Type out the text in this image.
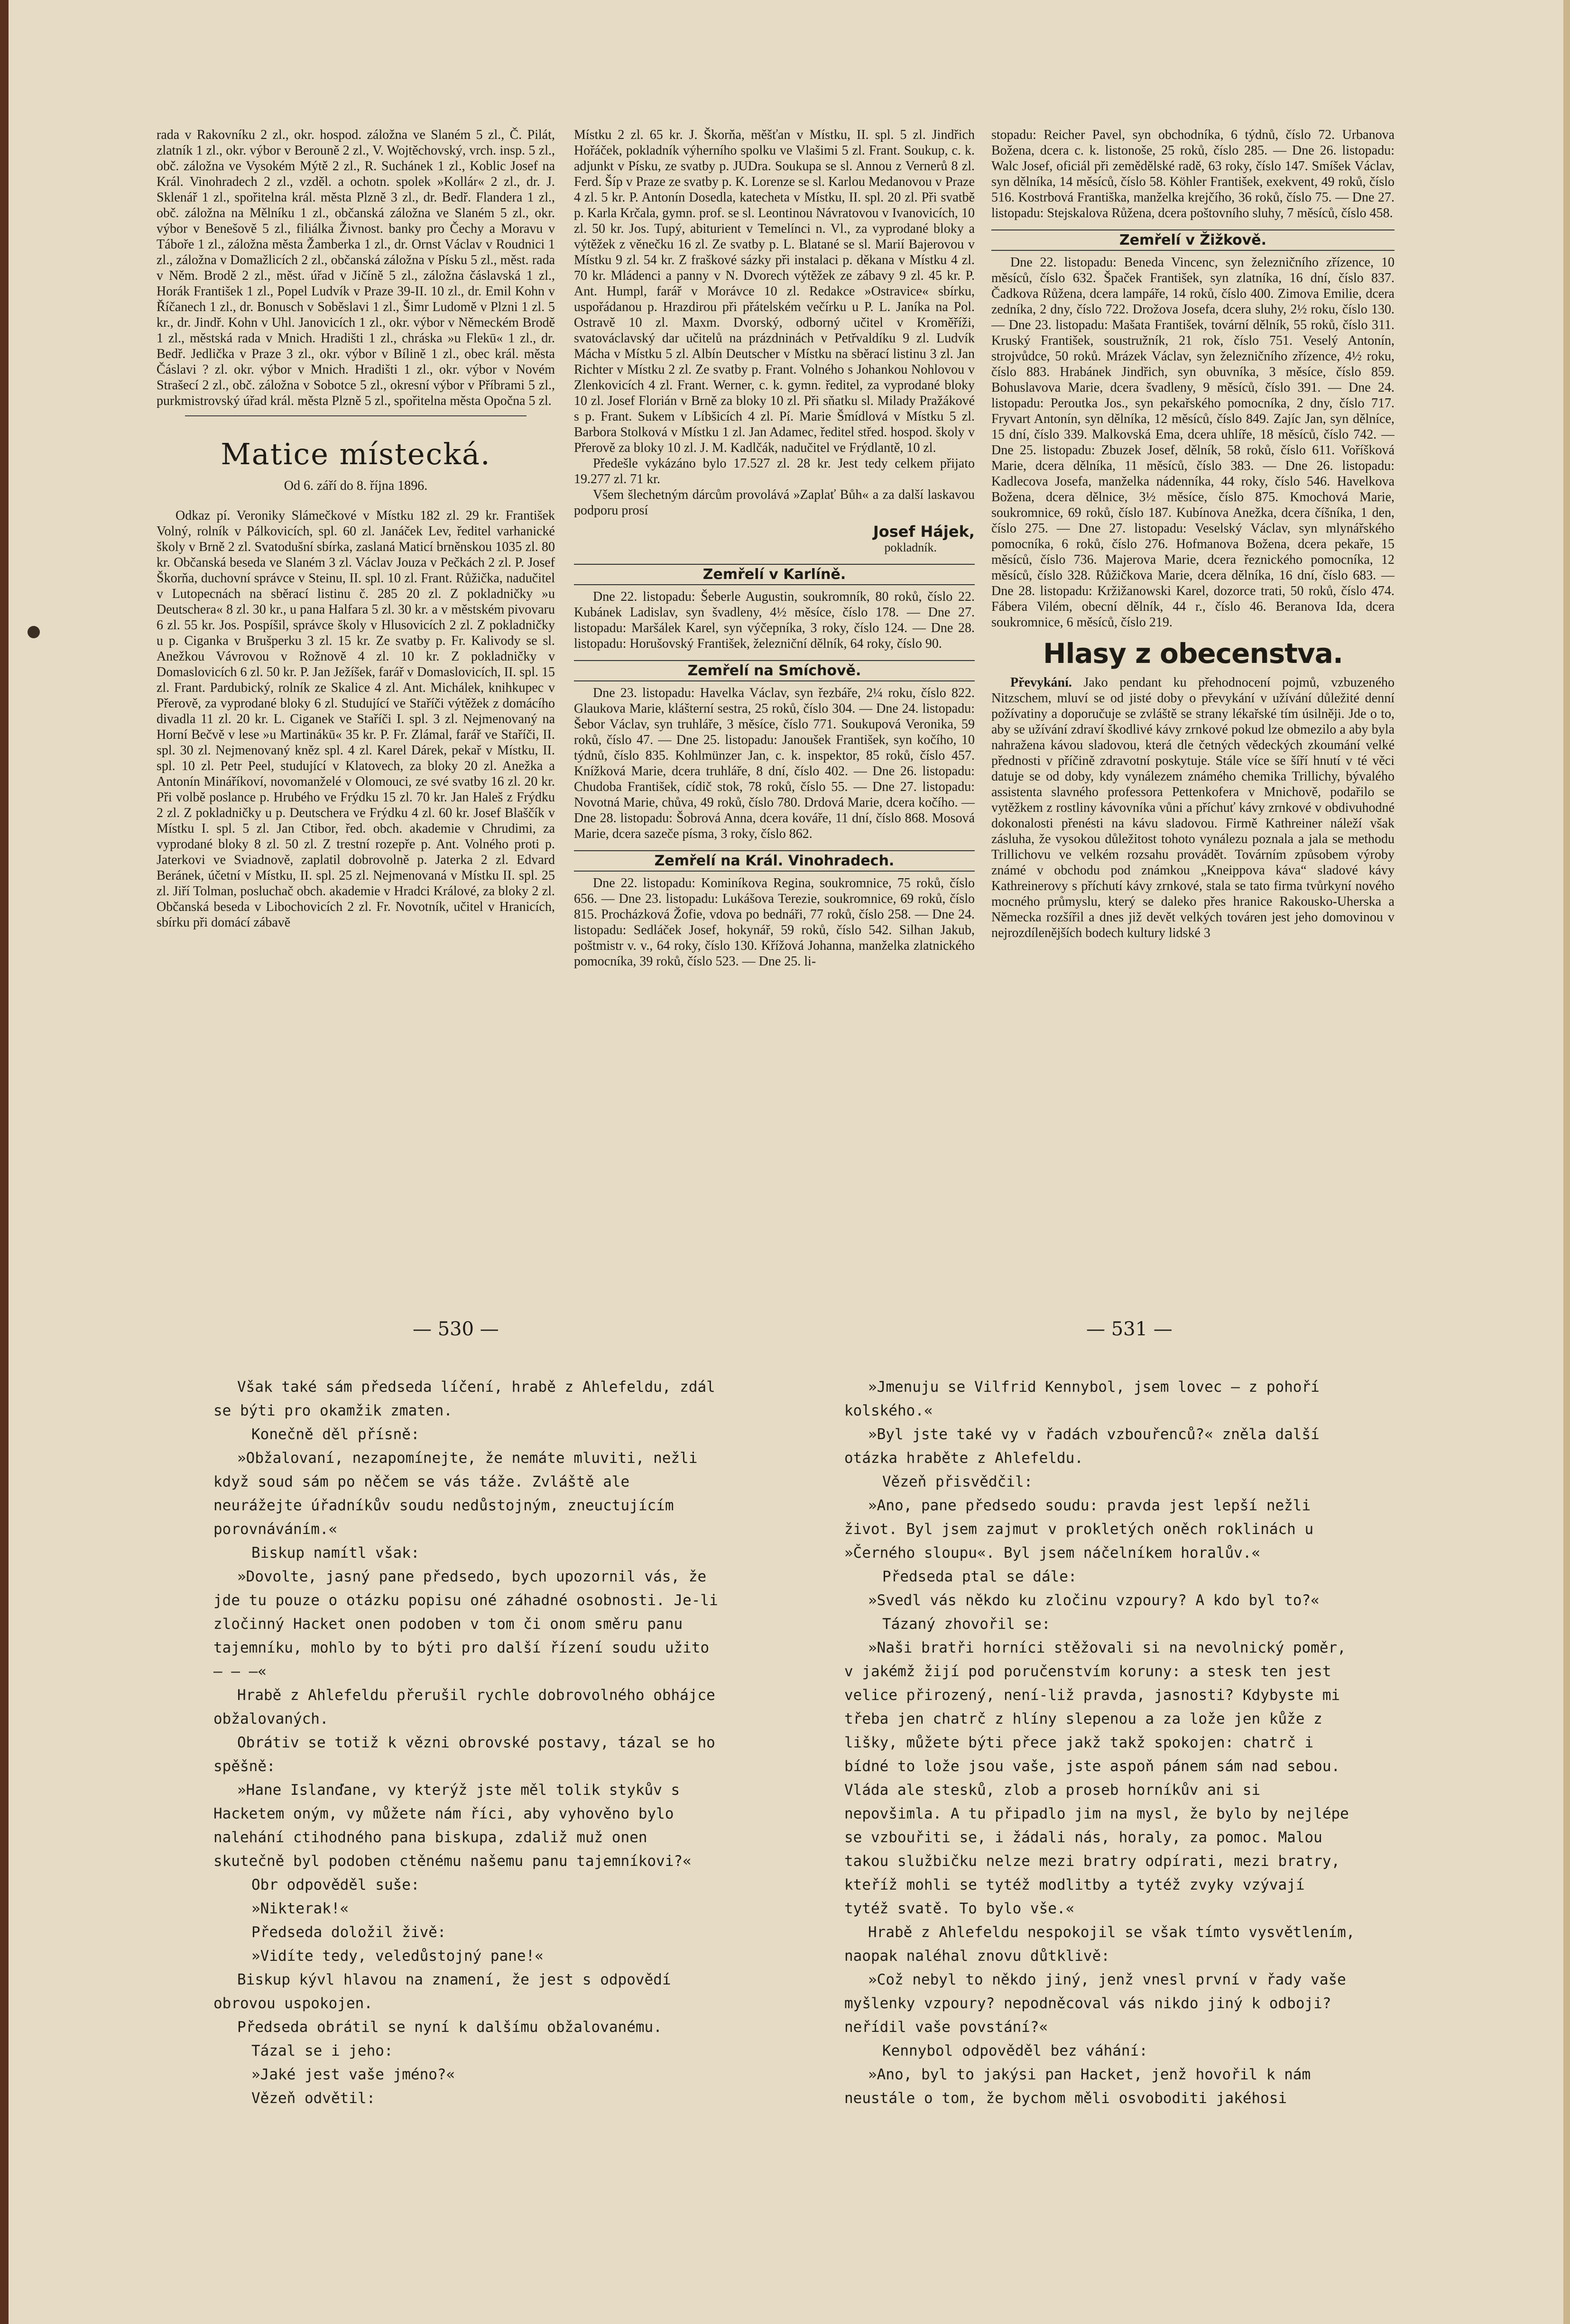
rada v Rakovníku 2 zl., okr. hospod. záložna ve Slaném 5 zl., Č. Pilát, zlatník 1 zl., okr. výbor v Berouně 2 zl., V. Wojtěchovský, vrch. insp. 5 zl., obč. záložna ve Vysokém Mýtě 2 zl., R. Suchánek 1 zl., Koblic Josef na Král. Vinohradech 2 zl., vzděl. a ochotn. spolek »Kollár« 2 zl., dr. J. Sklenář 1 zl., spořitelna král. města Plzně 3 zl., dr. Bedř. Flandera 1 zl., obč. záložna na Mělníku 1 zl., občanská záložna ve Slaném 5 zl., okr. výbor v Benešově 5 zl., filiálka Živnost. banky pro Čechy a Moravu v Táboře 1 zl., záložna města Žamberka 1 zl., dr. Ornst Václav v Roudnici 1 zl., záložna v Domažlicích 2 zl., občanská záložna v Písku 5 zl., měst. rada v Něm. Brodě 2 zl., měst. úřad v Jičíně 5 zl., záložna čáslavská 1 zl., Horák František 1 zl., Popel Ludvík v Praze 39-II. 10 zl., dr. Emil Kohn v Říčanech 1 zl., dr. Bonusch v Soběslavi 1 zl., Šimr Ludomě v Plzni 1 zl. 5 kr., dr. Jindř. Kohn v Uhl. Janovicích 1 zl., okr. výbor v Německém Brodě 1 zl., městská rada v Mnich. Hradišti 1 zl., chráska »u Flekū« 1 zl., dr. Bedř. Jedlička v Praze 3 zl., okr. výbor v Bílině 1 zl., obec král. města Čáslavi ? zl. okr. výbor v Mnich. Hradišti 1 zl., okr. výbor v Novém Strašecí 2 zl., obč. záložna v Sobotce 5 zl., okresní výbor v Příbrami 5 zl., purkmistrovský úřad král. města Plzně 5 zl., spořitelna města Opočna 5 zl.

Matice místecká.
Od 6. září do 8. října 1896.

Odkaz pí. Veroniky Slámečkové v Místku 182 zl. 29 kr. František Volný, rolník v Pálkovicích, spl. 60 zl. Janáček Lev, ředitel varhanické školy v Brně 2 zl. Svatodušní sbírka, zaslaná Maticí brněnskou 1035 zl. 80 kr. Občanská beseda ve Slaném 3 zl. Václav Jouza v Pečkách 2 zl. P. Josef Škorňa, duchovní správce v Steinu, II. spl. 10 zl. Frant. Růžička, nadučitel v Lutopecnách na sběrací listinu č. 285 20 zl. Z pokladničky »u Deutschera« 8 zl. 30 kr., u pana Halfara 5 zl. 30 kr. a v městském pivovaru 6 zl. 55 kr. Jos. Pospíšil, správce školy v Hlusovicích 2 zl. Z pokladničky u p. Ciganka v Brušperku 3 zl. 15 kr. Ze svatby p. Fr. Kalivody se sl. Anežkou Vávrovou v Rožnově 4 zl. 10 kr. Z pokladničky v Domaslovicích 6 zl. 50 kr. P. Jan Ježíšek, farář v Domaslovicích, II. spl. 15 zl. Frant. Pardubický, rolník ze Skalice 4 zl. Ant. Michálek, knihkupec v Přerově, za vyprodané bloky 6 zl. Studující ve Staříči výtěžek z domácího divadla 11 zl. 20 kr. L. Ciganek ve Staříči I. spl. 3 zl. Nejmenovaný na Horní Bečvě v lese »u Martinákū« 35 kr. P. Fr. Zlámal, farář ve Staříči, II. spl. 30 zl. Nejmenovaný kněz spl. 4 zl. Karel Dárek, pekař v Místku, II. spl. 10 zl. Petr Peel, studující v Klatovech, za bloky 20 zl. Anežka a Antonín Mináříkoví, novomanželé v Olomouci, ze své svatby 16 zl. 20 kr. Při volbě poslance p. Hrubého ve Frýdku 15 zl. 70 kr. Jan Haleš z Frýdku 2 zl. Z pokladničky u p. Deutschera ve Frýdku 4 zl. 60 kr. Josef Blaščík v Místku I. spl. 5 zl. Jan Ctibor, řed. obch. akademie v Chrudimi, za vyprodané bloky 8 zl. 50 zl. Z trestní rozepře p. Ant. Volného proti p. Jaterkovi ve Sviadnově, zaplatil dobrovolně p. Jaterka 2 zl. Edvard Beránek, účetní v Místku, II. spl. 25 zl. Nejmenovaná v Místku II. spl. 25 zl. Jiří Tolman, posluchač obch. akademie v Hradci Králové, za bloky 2 zl. Občanská beseda v Libochovicích 2 zl. Fr. Novotník, učitel v Hranicích, sbírku při domácí zábavě

Místku 2 zl. 65 kr. J. Škorňa, měšťan v Místku, II. spl. 5 zl. Jindřich Hořáček, pokladník výherního spolku ve Vlašimi 5 zl. Frant. Soukup, c. k. adjunkt v Písku, ze svatby p. JUDra. Soukupa se sl. Annou z Vernerů 8 zl. Ferd. Šíp v Praze ze svatby p. K. Lorenze se sl. Karlou Medanovou v Praze 4 zl. 5 kr. P. Antonín Dosedla, katecheta v Místku, II. spl. 20 zl. Při svatbě p. Karla Krčala, gymn. prof. se sl. Leontinou Návratovou v Ivanovicích, 10 zl. 50 kr. Jos. Tupý, abiturient v Temelínci n. Vl., za vyprodané bloky a výtěžek z věnečku 16 zl. Ze svatby p. L. Blatané se sl. Marií Bajerovou v Místku 9 zl. 54 kr. Z fraškové sázky při instalaci p. děkana v Místku 4 zl. 70 kr. Mládenci a panny v N. Dvorech výtěžek ze zábavy 9 zl. 45 kr. P. Ant. Humpl, farář v Morávce 10 zl. Redakce »Ostravice« sbírku, uspořádanou p. Hrazdirou při přátelském večírku u P. L. Janíka na Pol. Ostravě 10 zl. Maxm. Dvorský, odborný učitel v Kroměříži, svatováclavský dar učitelů na prázdninách v Petřvaldíku 9 zl. Ludvík Mácha v Místku 5 zl. Albín Deutscher v Místku na sběrací listinu 3 zl. Jan Richter v Místku 2 zl. Ze svatby p. Frant. Volného s Johankou Nohlovou v Zlenkovicích 4 zl. Frant. Werner, c. k. gymn. ředitel, za vyprodané bloky 10 zl. Josef Florián v Brně za bloky 10 zl. Při sňatku sl. Milady Pražákové s p. Frant. Sukem v Líbšicích 4 zl. Pí. Marie Šmídlová v Místku 5 zl. Barbora Stolková v Místku 1 zl. Jan Adamec, ředitel střed. hospod. školy v Přerově za bloky 10 zl. J. M. Kadlčák, nadučitel ve Frýdlantě, 10 zl.

Předešle vykázáno bylo 17.527 zl. 28 kr. Jest tedy celkem přijato 19.277 zl. 71 kr.

Všem šlechetným dárcům provolává »Zaplať Bůh« a za další laskavou podporu prosí

Josef Hájek,
pokladník.
Zemřelí v Karlíně.

Dne 22. listopadu: Šeberle Augustin, soukromník, 80 roků, číslo 22. Kubánek Ladislav, syn švadleny, 4½ měsíce, číslo 178. — Dne 27. listopadu: Maršálek Karel, syn výčepníka, 3 roky, číslo 124. — Dne 28. listopadu: Horušovský František, železniční dělník, 64 roky, číslo 90.

Zemřelí na Smíchově.

Dne 23. listopadu: Havelka Václav, syn řezbáře, 2¼ roku, číslo 822. Glaukova Marie, klášterní sestra, 25 roků, číslo 304. — Dne 24. listopadu: Šebor Václav, syn truhláře, 3 měsíce, číslo 771. Soukupová Veronika, 59 roků, číslo 47. — Dne 25. listopadu: Janoušek František, syn kočího, 10 týdnů, číslo 835. Kohlmünzer Jan, c. k. inspektor, 85 roků, číslo 457. Knížková Marie, dcera truhláře, 8 dní, číslo 402. — Dne 26. listopadu: Chudoba František, cídič stok, 78 roků, číslo 55. — Dne 27. listopadu: Novotná Marie, chůva, 49 roků, číslo 780. Drdová Marie, dcera kočího. — Dne 28. listopadu: Šobrová Anna, dcera kováře, 11 dní, číslo 868. Mosová Marie, dcera sazeče písma, 3 roky, číslo 862.

Zemřelí na Král. Vinohradech.

Dne 22. listopadu: Kominíkova Regina, soukromnice, 75 roků, číslo 656. — Dne 23. listopadu: Lukášova Terezie, soukromnice, 69 roků, číslo 815. Procházková Žofie, vdova po bednáři, 77 roků, číslo 258. — Dne 24. listopadu: Sedláček Josef, hokynář, 59 roků, číslo 542. Silhan Jakub, poštmistr v. v., 64 roky, číslo 130. Křížová Johanna, manželka zlatnického pomocníka, 39 roků, číslo 523. — Dne 25. li-

stopadu: Reicher Pavel, syn obchodníka, 6 týdnů, číslo 72. Urbanova Božena, dcera c. k. listonoše, 25 roků, číslo 285. — Dne 26. listopadu: Walc Josef, oficiál při zemědělské radě, 63 roky, číslo 147. Smíšek Václav, syn dělníka, 14 měsíců, číslo 58. Köhler František, exekvent, 49 roků, číslo 516. Kostrbová Františka, manželka krejčího, 36 roků, číslo 75. — Dne 27. listopadu: Stejskalova Růžena, dcera poštovního sluhy, 7 měsíců, číslo 458.

Zemřelí v Žižkově.

Dne 22. listopadu: Beneda Vincenc, syn železničního zřízence, 10 měsíců, číslo 632. Špaček František, syn zlatníka, 16 dní, číslo 837. Čadkova Růžena, dcera lampáře, 14 roků, číslo 400. Zimova Emilie, dcera zedníka, 2 dny, číslo 722. Drožova Josefa, dcera sluhy, 2½ roku, číslo 130. — Dne 23. listopadu: Mašata František, tovární dělník, 55 roků, číslo 311. Kruský František, soustružník, 21 rok, číslo 751. Veselý Antonín, strojvůdce, 50 roků. Mrázek Václav, syn železničního zřízence, 4½ roku, číslo 883. Hrabánek Jindřich, syn obuvníka, 3 měsíce, číslo 859. Bohuslavova Marie, dcera švadleny, 9 měsíců, číslo 391. — Dne 24. listopadu: Peroutka Jos., syn pekařského pomocníka, 2 dny, číslo 717. Fryvart Antonín, syn dělníka, 12 měsíců, číslo 849. Zajíc Jan, syn dělníce, 15 dní, číslo 339. Malkovská Ema, dcera uhlíře, 18 měsíců, číslo 742. — Dne 25. listopadu: Zbuzek Josef, dělník, 58 roků, číslo 611. Voříšková Marie, dcera dělníka, 11 měsíců, číslo 383. — Dne 26. listopadu: Kadlecova Josefa, manželka nádenníka, 44 roky, číslo 546. Havelkova Božena, dcera dělnice, 3½ měsíce, číslo 875. Kmochová Marie, soukromnice, 69 roků, číslo 187. Kubínova Anežka, dcera číšníka, 1 den, číslo 275. — Dne 27. listopadu: Veselský Václav, syn mlynářského pomocníka, 6 roků, číslo 276. Hofmanova Božena, dcera pekaře, 15 měsíců, číslo 736. Majerova Marie, dcera řeznického pomocníka, 12 měsíců, číslo 328. Růžičkova Marie, dcera dělníka, 16 dní, číslo 683. — Dne 28. listopadu: Kržižanowski Karel, dozorce trati, 50 roků, číslo 474. Fábera Vilém, obecní dělník, 44 r., číslo 46. Beranova Ida, dcera soukromnice, 6 měsíců, číslo 219.

Hlasy z obecenstva.

Převykání. Jako pendant ku přehodnocení pojmů, vzbuzeného Nitzschem, mluví se od jisté doby o převykání v užívání důležité denní požívatiny a doporučuje se zvláště se strany lékařské tím úsilněji. Jde o to, aby se užívání zdraví škodlivé kávy zrnkové pokud lze obmezilo a aby byla nahražena kávou sladovou, která dle četných vědeckých zkoumání velké přednosti v příčině zdravotní poskytuje. Stále více se šíří hnutí v té věci datuje se od doby, kdy vynálezem známého chemika Trillichy, bývalého assistenta slavného professora Pettenkofera v Mnichově, podařilo se vytěžkem z rostliny kávovníka vůni a příchuť kávy zrnkové v obdivuhodné dokonalosti přenésti na kávu sladovou. Firmě Kathreiner náleží však zásluha, že vysokou důležitost tohoto vynálezu poznala a jala se methodu Trillichovu ve velkém rozsahu provádět. Továrním způsobem výroby známé v obchodu pod známkou „Kneippova káva“ sladové kávy Kathreinerovy s příchutí kávy zrnkové, stala se tato firma tvůrkyní nového mocného průmyslu, který se daleko přes hranice Rakousko-Uherska a Německa rozšířil a dnes již devět velkých továren jest jeho domovinou v nejrozdílenějších bodech kultury lidské 3

— 530 —	— 531 —

Však také sám předseda líčení, hrabě z Ahlefeldu, zdál se býti pro okamžik zmaten.

Konečně děl přísně:

»Obžalovaní, nezapomínejte, že nemáte mluviti, nežli když soud sám po něčem se vás táže. Zvláště ale neurážejte úřadníkův soudu nedůstojným, zneuctujícím porovnáváním.«

Biskup namítl však:

»Dovolte, jasný pane předsedo, bych upozornil vás, že jde tu pouze o otázku popisu oné záhadné osobnosti. Je-li zločinný Hacket onen podoben v tom či onom směru panu tajemníku, mohlo by to býti pro další řízení soudu užito — — —«

Hrabě z Ahlefeldu přerušil rychle dobrovolného obhájce obžalovaných.

Obrátiv se totiž k vězni obrovské postavy, tázal se ho spěšně:

»Hane Islanďane, vy kterýž jste měl tolik stykův s Hacketem oným, vy můžete nám říci, aby vyhověno bylo nalehání ctihodného pana biskupa, zdaliž muž onen skutečně byl podoben ctěnému našemu panu tajemníkovi?«

Obr odpověděl suše:

»Nikterak!«

Předseda doložil živě:

»Vidíte tedy, veledůstojný pane!«

Biskup kývl hlavou na znamení, že jest s odpovědí obrovou uspokojen.

Předseda obrátil se nyní k dalšímu obžalovanému.

Tázal se i jeho:

»Jaké jest vaše jméno?«

Vězeň odvětil:

»Jmenuju se Vilfrid Kennybol, jsem lovec — z pohoří kolského.«

»Byl jste také vy v řadách vzbouřenců?« zněla další otázka hraběte z Ahlefeldu.

Vězeň přisvědčil:

»Ano, pane předsedo soudu: pravda jest lepší nežli život. Byl jsem zajmut v prokletých oněch roklinách u »Černého sloupu«. Byl jsem náčelníkem horalův.«

Předseda ptal se dále:

»Svedl vás někdo ku zločinu vzpoury? A kdo byl to?«

Tázaný zhovořil se:

»Naši bratři horníci stěžovali si na nevolnický poměr, v jakémž žijí pod poručenstvím koruny: a stesk ten jest velice přirozený, není-liž pravda, jasnosti? Kdybyste mi třeba jen chatrč z hlíny slepenou a za lože jen kůže z lišky, můžete býti přece jakž takž spokojen: chatrč i bídné to lože jsou vaše, jste aspoň pánem sám nad sebou. Vláda ale stesků, zlob a proseb horníkův ani si nepovšimla. A tu připadlo jim na mysl, že bylo by nejlépe se vzbouřiti se, i žádali nás, horaly, za pomoc. Malou takou službičku nelze mezi bratry odpírati, mezi bratry, kteříž mohli se tytéž modlitby a tytéž zvyky vzývají tytéž svatě. To bylo vše.«

Hrabě z Ahlefeldu nespokojil se však tímto vysvětlením, naopak naléhal znovu důtklivě:

»Což nebyl to někdo jiný, jenž vnesl první v řady vaše myšlenky vzpoury? nepodněcoval vás nikdo jiný k odboji? neřídil vaše povstání?«

Kennybol odpověděl bez váhání:

»Ano, byl to jakýsi pan Hacket, jenž hovořil k nám neustále o tom, že bychom měli osvoboditi jakéhosi
